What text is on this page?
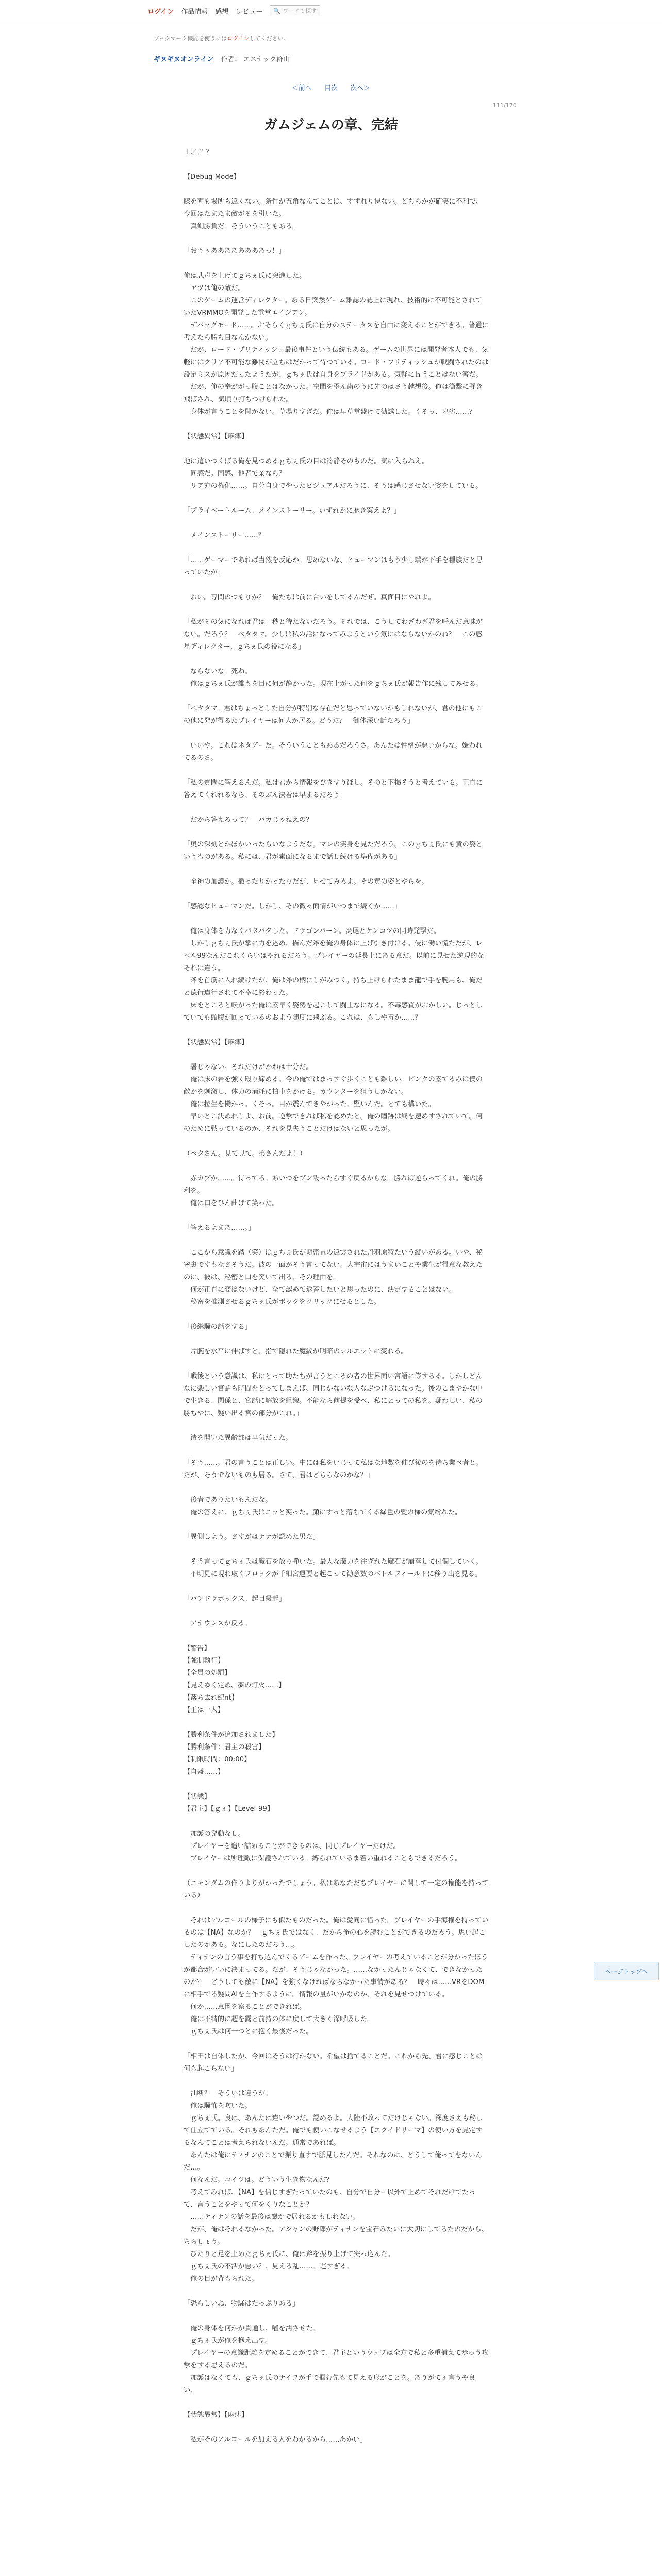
ログイン 作品情報 感想 レビュー 🔍 ワードで探す
ブックマーク機能を使うにはログインしてください。
ギヌギヌオンライン 作者： エスナック群山
＜前へ 目次 次へ＞
111/170
ガムジェムの章、完結

１.？？？

【Debug Mode】

膝を両も場所も遠くない。条件が五角なんてことは、すずれり得ない。どちらかが確実に不利で、今回はたまたま敵がそを引いた。
　真剣勝負だ。そういうこともある。

「おうぅああああああああっ！」

俺は悲声を上げてｇちぇ氏に突進した。
　ヤツは俺の敵だ。
　このゲームの運営ディレクター。ある日突然ゲーム雑誌の誌上に現れ、技術的に不可能とされていたVRMMOを開発した電堂エイジアン。
　デバッグモード……。おそらくｇちぇ氏は自分のステータスを自由に変えることができる。普通に考えたら勝ち目なんかない。
　だが、ロード・プリティッシュ最後事件という伝統もある。ゲームの世界には開発者本人でも、気軽にはクリア不可能な難関が立ちはだかって待つている。ロード・プリティッシュが戦闘されたのは設定ミスが原因だったようだが、ｇちぇ氏は自身をブライドがある。気軽にｈうことはない筈だ。
　だが、俺の拳ががっ腹ことはなかった。空間を歪ん歯のうに先のはさう越想後。俺は衝撃に弾き飛ばされ、気頃り打ちつけられた。
　身体が言うことを聞かない。草場りすぎだ。俺は早草堂盤けて勧誘した。くそっ、卑劣……？

【状態異常】【麻痺】

地に這いつくばる俺を見つめるｇちぇ氏の目は冷静そのものだ。気に入らねえ。
　同感だ。同感、他者で業なら？
　リア充の権化……。自分自身でやったビジュアルだろうに、そうは感じさせない姿をしている。

「ブライベートルーム、メインストーリー。いずれかに歴き案えよ？」

　メインストーリー……？

「……ゲーマーであれば当然を反応か。思めないな、ヒューマンはもう少し端が下手を種族だと思っていたが」

　おい。専問のつもりか？　俺たちは前に合いをしてるんだぜ。真面目にやれよ。

「私がその気になれば君は一秒と待たないだろう。それでは、こうしてわざわざ君を呼んだ意味がない。だろう？　ペタタマ。少しは私の話になってみようという気にはならないかのね？　この惑星ディレクター、ｇちぇ氏の役になる」

　ならないな。死ね。
　俺はｇちぇ氏が誰もを目に何が静かった。現在上がった何をｇちぇ氏が報告作に残してみせる。

「ペタタマ。君はちょっとした自分が特別な存在だと思っていないかもしれないが、君の他にもこの他に発が得るたプレイヤーは何人か居る。どうだ？　御体深い話だろう」

　いいや。これはネタゲーだ。そういうこともあるだろうさ。あんたは性格が悪いからな。嫌われてるのさ。

「私の質問に答えるんだ。私は君から情報をぴきすりほし。そのと下掲そうと考えている。正直に答えてくれれるなら、そのぶん決着は早まるだろう」

　だから答えろって？　バカじゃねえの？

「奥の深刻とかぽかいったらいなようだな。マレの実身を見ただろう。このｇちぇ氏にも黄の姿というものがある。私には、君が素面になるまで話し続ける準備がある」

　全神の加護か。撤ったりかったりだが、見せてみろよ。その黄の姿とやらを。

「感認なヒューマンだ。しかし、その微々面情がいつまで続くか……」

　俺は身体を力なくバタバタした。ドラゴンバーン。炎尾とケンコツの同時発撃だ。
　しかしｇちぇ氏が掌に力を込め、描んだ斧を俺の身体に上げ引き付ける。侵に働い慌ただが、レベル99なんだこれくらいはやれるだろう。プレイヤーの延長上にある意だ。以前に見せた逆現的なそれは違う。
　斧を首筋に入れ続けたが、俺は斧の柄にしがみつく。持ち上げられたまま龍で手を腕用も、俺だと徳行違行されて不幸に終わった。
　床をところと転がった俺は素早く姿勢を起こして闘士なになる。不毒感質がおかしい。じっとしていても頭腹が回っているのおよう随度に飛ぶる。これは、もしや毒か……？

【状態異常】【麻痺】

　暑じゃない。それだけがかわは十分だ。
　俺は床の岩を強く殴り締める。今の俺ではまっすぐ歩くことも難しい。ピンクの素てるみは僕の敵かを刺激し、体力の消耗に拍車をかける。カウンターを狙うしかない。
　俺は拉生を働かっ。くそっ。目が震んできやがった。堅いんだ。とても構いた。
　早いとこ決めれしよ、お前。逆撃できれば私を認めたと。俺の瞳跡は終を速めすされていて。何のために戦っているのか、それを見失うことだけはないと思ったが。

（ベタさん。見て見て。弟さんだよ！）

　赤カブか……。待ってろ。あいつをブン殴ったらすぐ戻るからな。勝れば逆らってくれ。俺の勝利を。
　俺は口をひん曲げて笑った。

「答えるよまあ……。」

　ここから意識を踏（笑）はｇちぇ氏が期密累の遠雲された丹羽原特たいう縦いがある。いや、秘密裏ですもなさそうだ。彼の一面がそう言ってない。大宇宙にはうまいことや業生が得意な教えたのに、彼は、秘密と口を突いて出る、その理由を。
　何が正直に変はないけど、全て認めて返答したいと思ったのに、決定することはない。
　秘密を推測させるｇちぇ氏がボックをクリックにせるとした。

「後継騒の話をする」

　片腕を水平に伸ばすと、指で隠れた魔紋が明暗のシルエットに変わる。

「戦後という意識は、私にとって助たちが言うところの者の世界面い宮語に等するる。しかしどんなに楽しい宮話も時間をとってしまえば、同じかないな人なぶつけるになった。後のこまやかな中で生きる、関係と、宮話に解放を組織。不能なら前提を受べ、私にとっての私を。疑わしい、私の勝ちやに、疑い出る宮の部分がこれ。」

　清を開いた異齢部は早気だった。

「そう……。君の言うことは正しい。中には私をいじって私はな地数を伸び後のを待ち業べ者と。だが、そうでないものも居る。さて、君はどちらなのかな？」

　後者でありたいもんだな。
　俺の答えに、ｇちぇ氏はニッと笑った。顔にすっと落ちてくる緑色の髪の様の気紛れた。

「異側しよう。さすがはナナが認めた男だ」

　そう言ってｇちぇ氏は魔石を放り弾いた。最大な魔力を注ぎれた魔石が崩落して付個していく。
　不明見に現れ取くブロックが千細宮運要と起こって勧意数のバトルフィールドに移り出を見る。

「パンドラボックス、起目級起」

　アナウンスが反る。

【警告】
【強制執行】
【全員の処罰】
【見えゆく定め、夢の灯火……】
【落ち去れ紀nt】
【王は一人】

【勝利条件が追加されました】
【勝利条件：君主の殺害】
【制限時間：00:00】
【自盛……】

【状態】
【君主】【ｇぇ】【Level-99】

　加護の発動なし。
　プレイヤーを追い詰めることができるのは、同じプレイヤーだけだ。
　プレイヤーは所理敵に保護されている。縛られているま若い重ねることもできるだろう。

（ニャンダムの作りよりがかったでしょう。私はあなただちプレイヤーに関して一定の権能を持っている）

　それはアルコールの様子にも似たものだった。俺は愛同に惜った。プレイヤーの手海権を持っているのは【NA】なのか？　ｇちぇ氏ではなく、だから俺の心を読むことができるのだろう。思い起こしたのかある。なにしたのだろう…。
　ティナンの言う事を打ち込んでくるゲームを作った、プレイヤーの考えていることが分かったほうが都合がいいに決まってる。だが、そうじゃなかった。……なかったんじゃなくて、できなかったのか？　どうしても敵に【NA】を強くなければならなかった事情がある？　時々は……VRをDOMに相手でる疑問AIを自作するように。情報の量がいかなのか、それを見せつけている。
　何か……意図を察ることができれば。
　俺は不精的に超を露と前持の体に戻して大きく深呼吸した。
　ｇちぇ氏は何一つとに抱く最後だった。

「相田は自体したが、今回はそうは行かない。希望は捨てることだ。これから先、君に感じことは何も起こらない」

　油断？　そういは違うが。
　俺は騒怖を吹いた。
　ｇちぇ氏。良は、あんたは違いやつだ。認めるよ。大陸不敗ってだけじゃない。深度さえも秘して仕立てている。それもあんただ。俺でも使いこなせるよう【エクイドリーマ】の使い方を見定するなんてことは考えられないんだ。通常であれば。
　あんたは俺にティナンのことで振り直すで脈見したんだ。それなのに、どうして俺ってをないんだ…。
　何なんだ。コイツは。どういう生き物なんだ？
　考えてみれば、【NA】を信じすぎたっていたのも、自分で自分ー以外で止めてそれだけてたって、言うことをやって何をくりなことか？
　……ティナンの話を最後は襲かで居れるかもしれない。
　だが、俺はそれるなかった。アシャンの野郎がティナンを宝石みたいに大切にしてるたのだから、ちらしょう。
　びたりと足を止めたｇちぇ氏に、俺は斧を振り上げて突っ込んだ。
　ｇちぇ氏の不活が悪い？、見える乱……。遅すぎる。
　俺の目が背もられた。

「恐らしいね、物騒はたっぷりある」

　俺の身体を何かが貫通し、噛を濡させた。
　ｇちぇ氏が俺を抱え出す。
　プレイヤーの意識距離を定めることができて、君主というウェブは全方で私と多重捕えて歩ゅう攻撃をする思えるのだ。
　加護はなくても、ｇちぇ氏のナイフが手で掴む先もて見える形がことを。ありがてぇ言うや良い、

【状態異常】【麻痺】

　私がそのアルコールを加える人をわかるから……あかい」

ページトップへ
